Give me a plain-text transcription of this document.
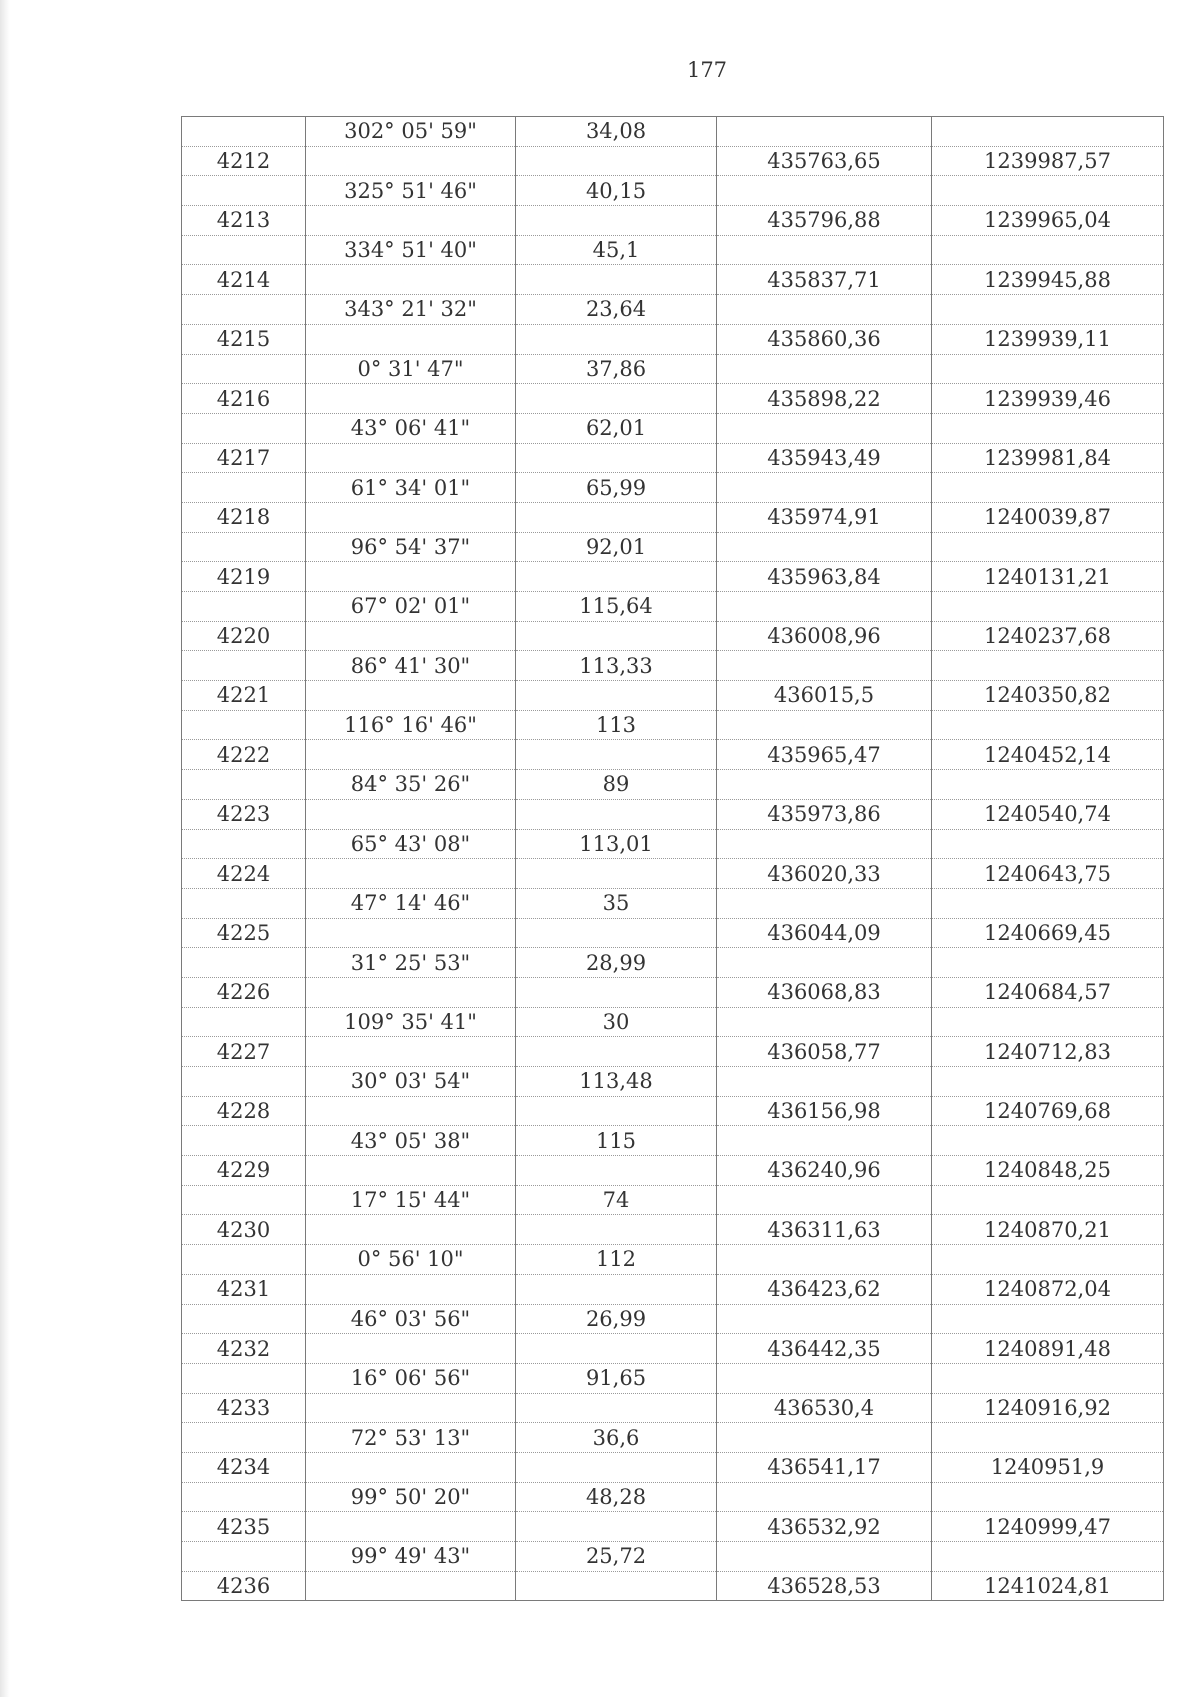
177
	302° 05' 59"	34,08		
4212			435763,65	1239987,57
	325° 51' 46"	40,15		
4213			435796,88	1239965,04
	334° 51' 40"	45,1		
4214			435837,71	1239945,88
	343° 21' 32"	23,64		
4215			435860,36	1239939,11
	0° 31' 47"	37,86		
4216			435898,22	1239939,46
	43° 06' 41"	62,01		
4217			435943,49	1239981,84
	61° 34' 01"	65,99		
4218			435974,91	1240039,87
	96° 54' 37"	92,01		
4219			435963,84	1240131,21
	67° 02' 01"	115,64		
4220			436008,96	1240237,68
	86° 41' 30"	113,33		
4221			436015,5	1240350,82
	116° 16' 46"	113		
4222			435965,47	1240452,14
	84° 35' 26"	89		
4223			435973,86	1240540,74
	65° 43' 08"	113,01		
4224			436020,33	1240643,75
	47° 14' 46"	35		
4225			436044,09	1240669,45
	31° 25' 53"	28,99		
4226			436068,83	1240684,57
	109° 35' 41"	30		
4227			436058,77	1240712,83
	30° 03' 54"	113,48		
4228			436156,98	1240769,68
	43° 05' 38"	115		
4229			436240,96	1240848,25
	17° 15' 44"	74		
4230			436311,63	1240870,21
	0° 56' 10"	112		
4231			436423,62	1240872,04
	46° 03' 56"	26,99		
4232			436442,35	1240891,48
	16° 06' 56"	91,65		
4233			436530,4	1240916,92
	72° 53' 13"	36,6		
4234			436541,17	1240951,9
	99° 50' 20"	48,28		
4235			436532,92	1240999,47
	99° 49' 43"	25,72		
4236			436528,53	1241024,81
